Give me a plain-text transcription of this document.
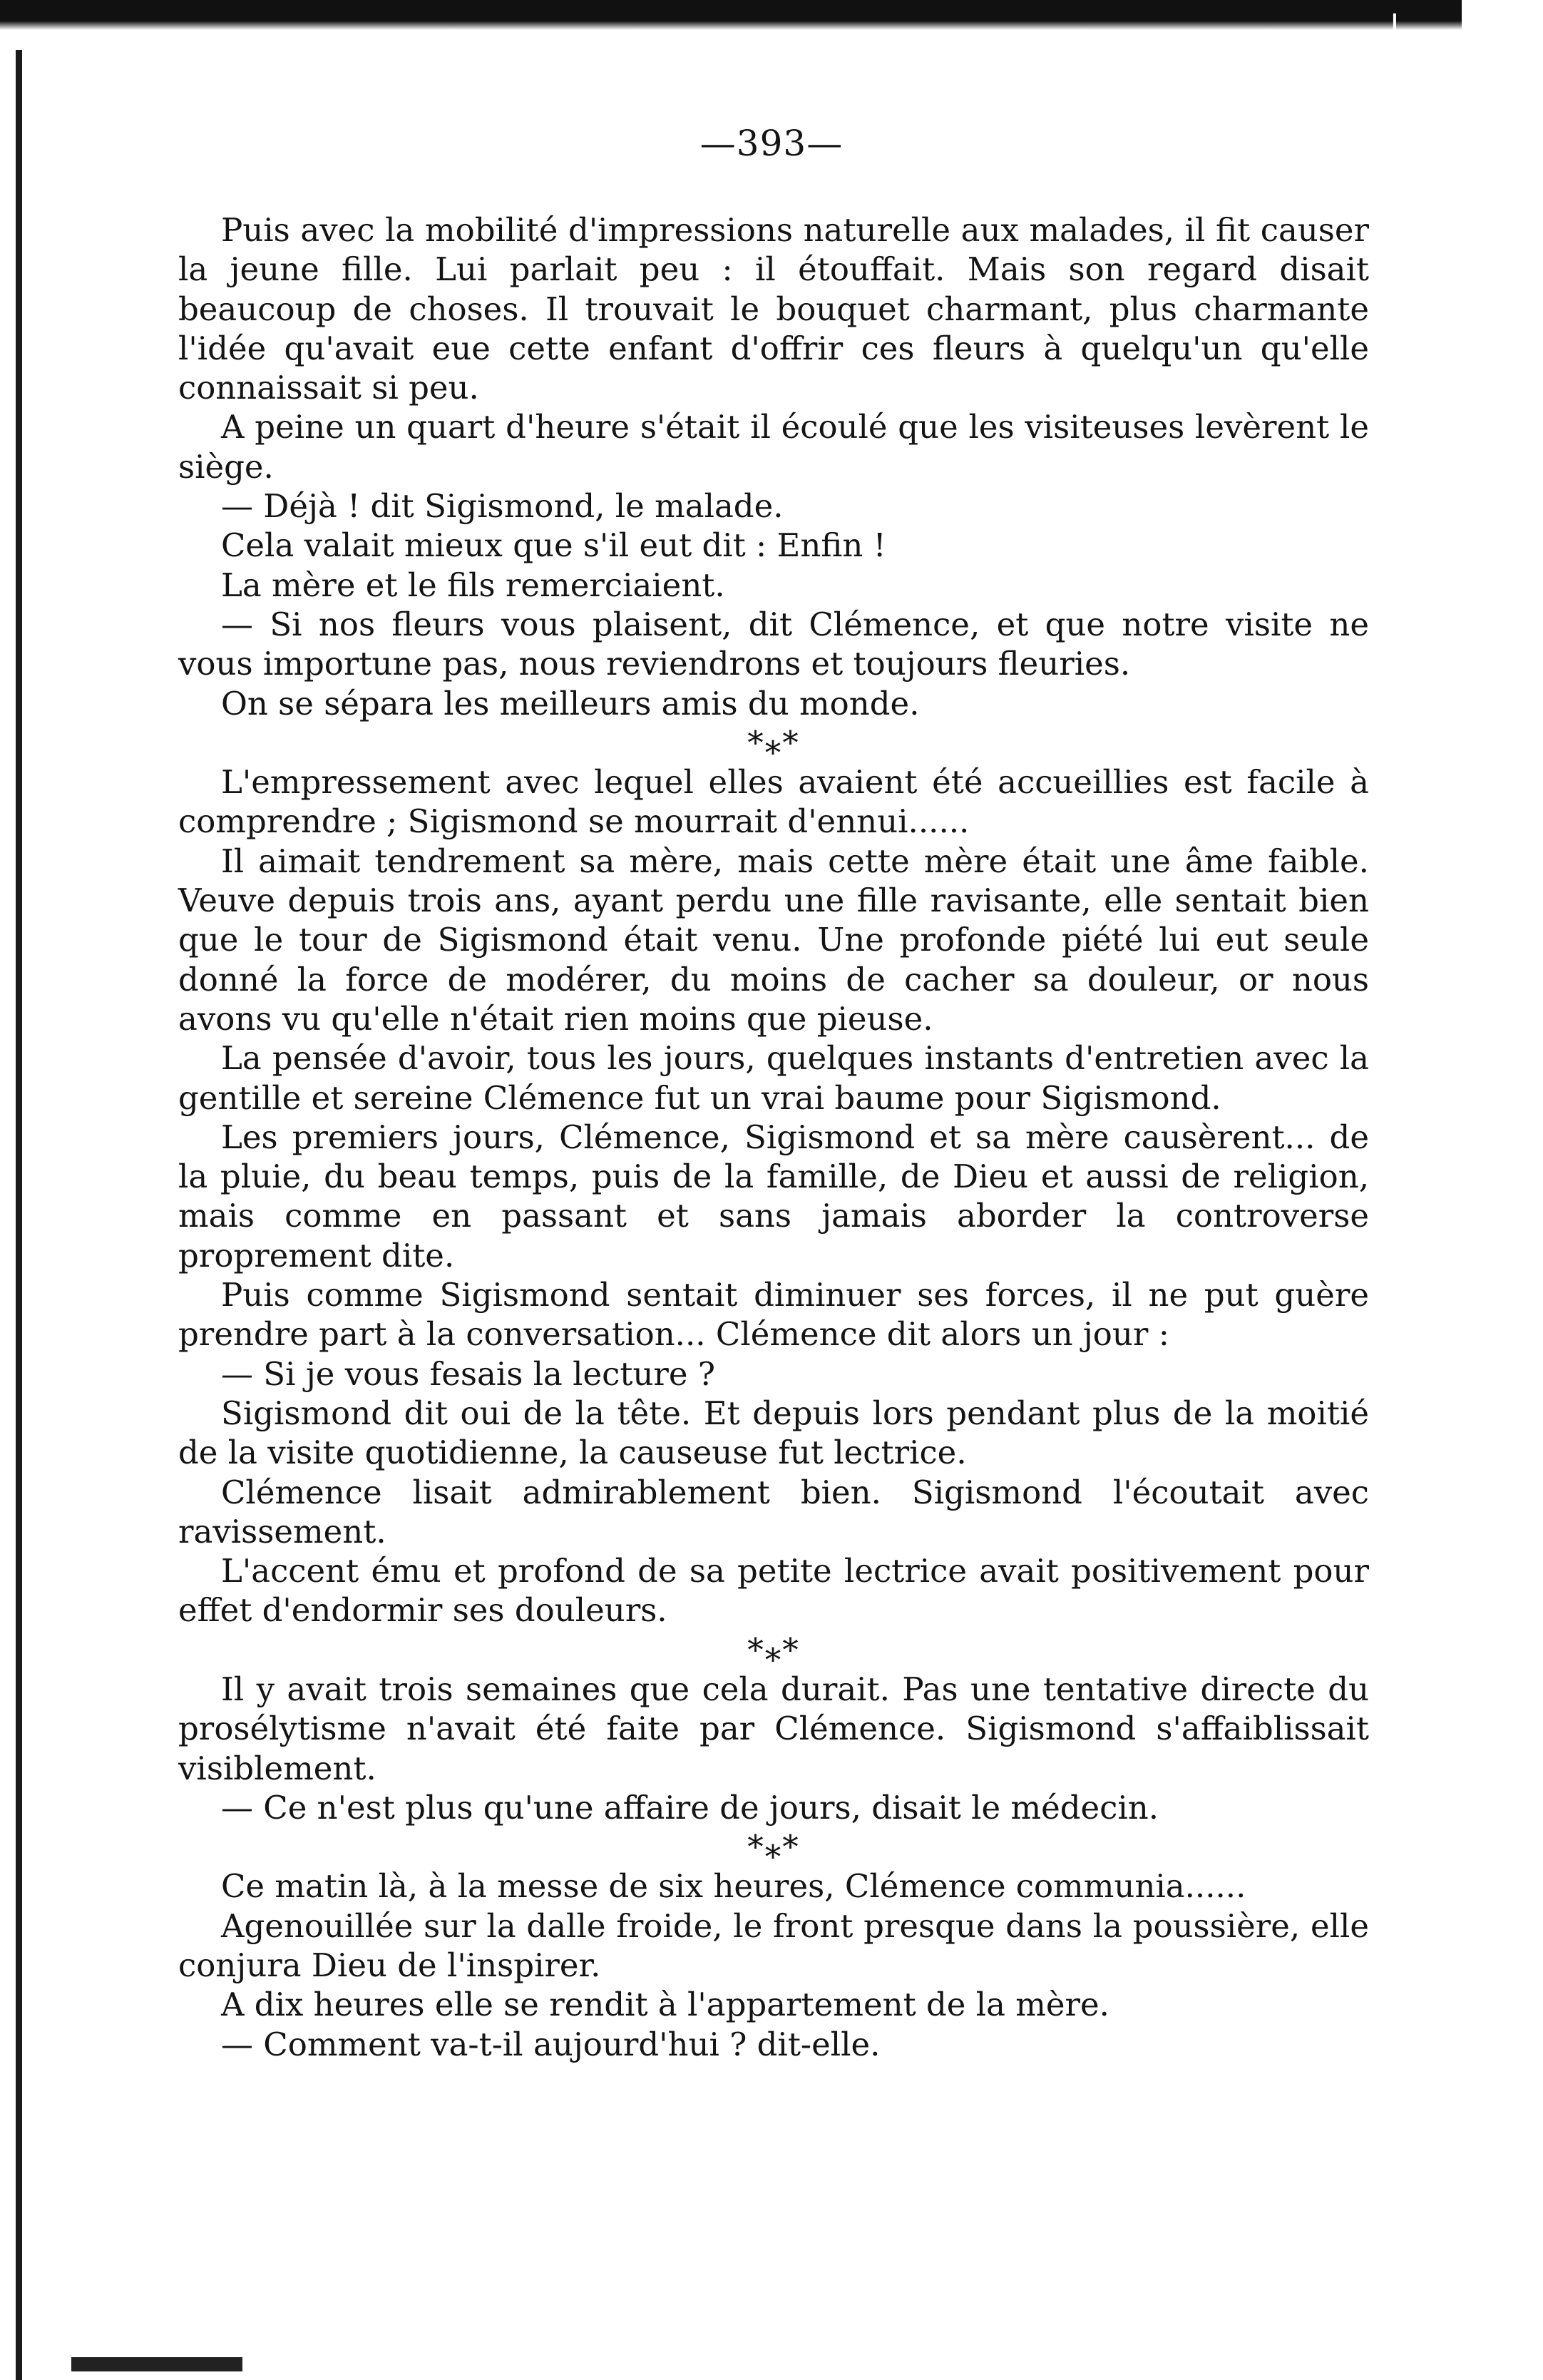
J
—393—

Puis avec la mobilité d'impressions naturelle aux malades, il fit causer la jeune fille. Lui parlait peu : il étouffait. Mais son regard disait beaucoup de choses. Il trouvait le bouquet charmant, plus charmante l'idée qu'avait eue cette enfant d'offrir ces fleurs à quelqu'un qu'elle connaissait si peu.

A peine un quart d'heure s'était il écoulé que les visiteuses levèrent le siège.

— Déjà ! dit Sigismond, le malade.

Cela valait mieux que s'il eut dit : Enfin !

La mère et le fils remerciaient.

— Si nos fleurs vous plaisent, dit Clémence, et que notre visite ne vous importune pas, nous reviendrons et toujours fleuries.

On se sépara les meilleurs amis du monde.

*⁎*

L'empressement avec lequel elles avaient été accueillies est facile à comprendre ; Sigismond se mourrait d'ennui......

Il aimait tendrement sa mère, mais cette mère était une âme faible. Veuve depuis trois ans, ayant perdu une fille ravisante, elle sentait bien que le tour de Sigismond était venu. Une profonde piété lui eut seule donné la force de modérer, du moins de cacher sa douleur, or nous avons vu qu'elle n'était rien moins que pieuse.

La pensée d'avoir, tous les jours, quelques instants d'entretien avec la gentille et sereine Clémence fut un vrai baume pour Sigismond.

Les premiers jours, Clémence, Sigismond et sa mère causèrent... de la pluie, du beau temps, puis de la famille, de Dieu et aussi de religion, mais comme en passant et sans jamais aborder la controverse proprement dite.

Puis comme Sigismond sentait diminuer ses forces, il ne put guère prendre part à la conversation... Clémence dit alors un jour :

— Si je vous fesais la lecture ?

Sigismond dit oui de la tête. Et depuis lors pendant plus de la moitié de la visite quotidienne, la causeuse fut lectrice.

Clémence lisait admirablement bien. Sigismond l'écoutait avec ravissement.

L'accent ému et profond de sa petite lectrice avait positivement pour effet d'endormir ses douleurs.

*⁎*

Il y avait trois semaines que cela durait. Pas une tentative directe du prosélytisme n'avait été faite par Clémence. Sigismond s'affaiblissait visiblement.

— Ce n'est plus qu'une affaire de jours, disait le médecin.

*⁎*

Ce matin là, à la messe de six heures, Clémence communia......

Agenouillée sur la dalle froide, le front presque dans la poussière, elle conjura Dieu de l'inspirer.

A dix heures elle se rendit à l'appartement de la mère.

— Comment va-t-il aujourd'hui ? dit-elle.
